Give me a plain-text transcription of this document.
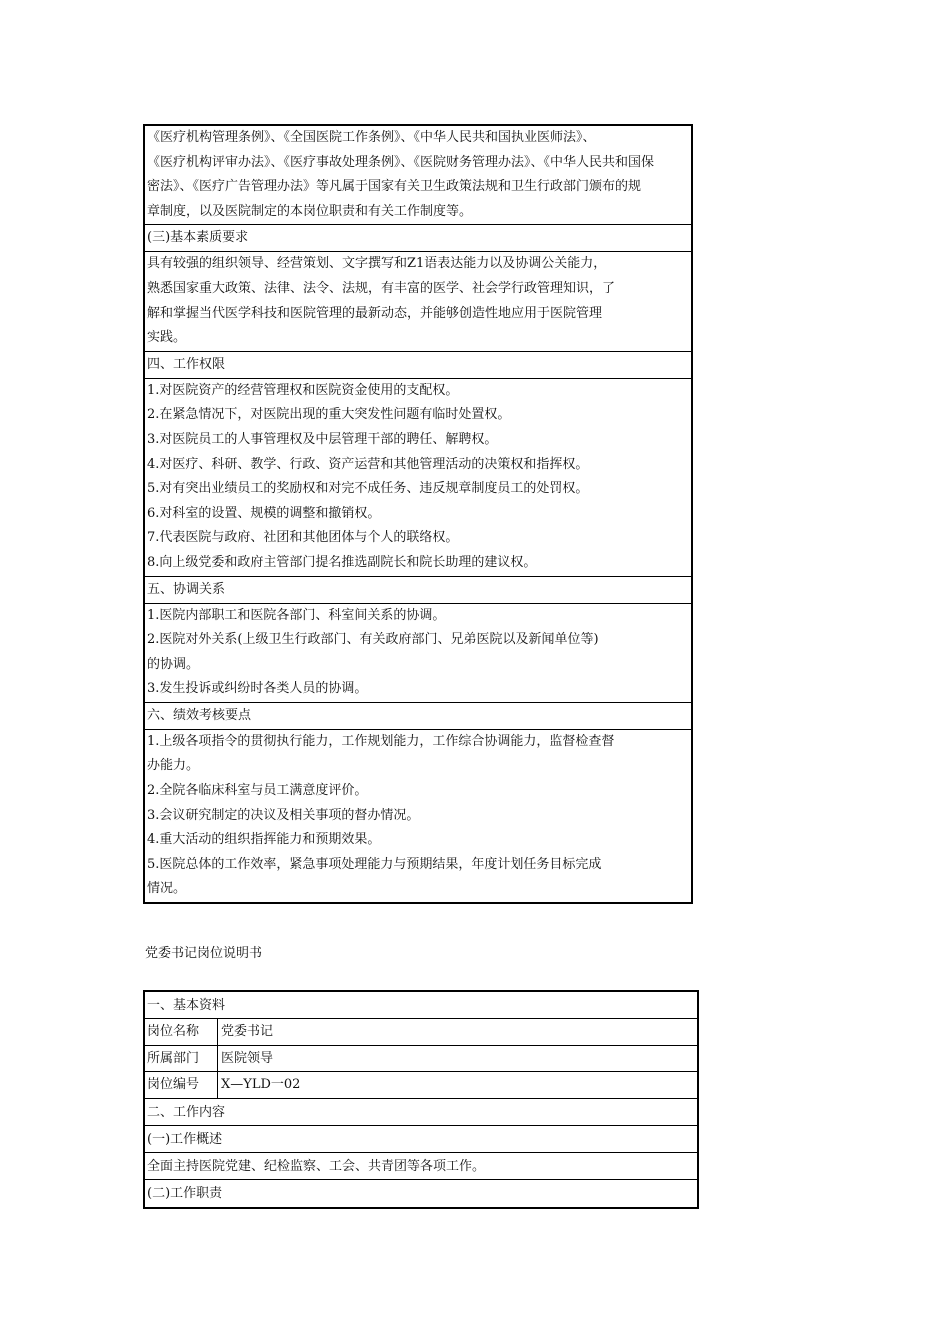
《医疗机构管理条例》、《全国医院工作条例》、《中华人民共和国执业医师法》、
《医疗机构评审办法》、《医疗事故处理条例》、《医院财务管理办法》、《中华人民共和国保
密法》、《医疗广告管理办法》等凡属于国家有关卫生政策法规和卫生行政部门颁布的规
章制度，以及医院制定的本岗位职责和有关工作制度等。
(三)基本素质要求
具有较强的组织领导、经营策划、文字撰写和Z1语表达能力以及协调公关能力，
熟悉国家重大政策、法律、法令、法规，有丰富的医学、社会学行政管理知识，了
解和掌握当代医学科技和医院管理的最新动态，并能够创造性地应用于医院管理
实践。
四、工作权限
1.对医院资产的经营管理权和医院资金使用的支配权。
2.在紧急情况下，对医院出现的重大突发性问题有临时处置权。
3.对医院员工的人事管理权及中层管理干部的聘任、解聘权。
4.对医疗、科研、教学、行政、资产运营和其他管理活动的决策权和指挥权。
5.对有突出业绩员工的奖励权和对完不成任务、违反规章制度员工的处罚权。
6.对科室的设置、规模的调整和撤销权。
7.代表医院与政府、社团和其他团体与个人的联络权。
8.向上级党委和政府主管部门提名推选副院长和院长助理的建议权。
五、协调关系
1.医院内部职工和医院各部门、科室间关系的协调。
2.医院对外关系(上级卫生行政部门、有关政府部门、兄弟医院以及新闻单位等)
的协调。
3.发生投诉或纠纷时各类人员的协调。
六、绩效考核要点
1.上级各项指令的贯彻执行能力，工作规划能力，工作综合协调能力，监督检查督
办能力。
2.全院各临床科室与员工满意度评价。
3.会议研究制定的决议及相关事项的督办情况。
4.重大活动的组织指挥能力和预期效果。
5.医院总体的工作效率，紧急事项处理能力与预期结果，年度计划任务目标完成
情况。
党委书记岗位说明书
一、基本资料
岗位名称	党委书记
所属部门	医院领导
岗位编号	X—YLD一02
二、工作内容
(一)工作概述
全面主持医院党建、纪检监察、工会、共青团等各项工作。
(二)工作职责
